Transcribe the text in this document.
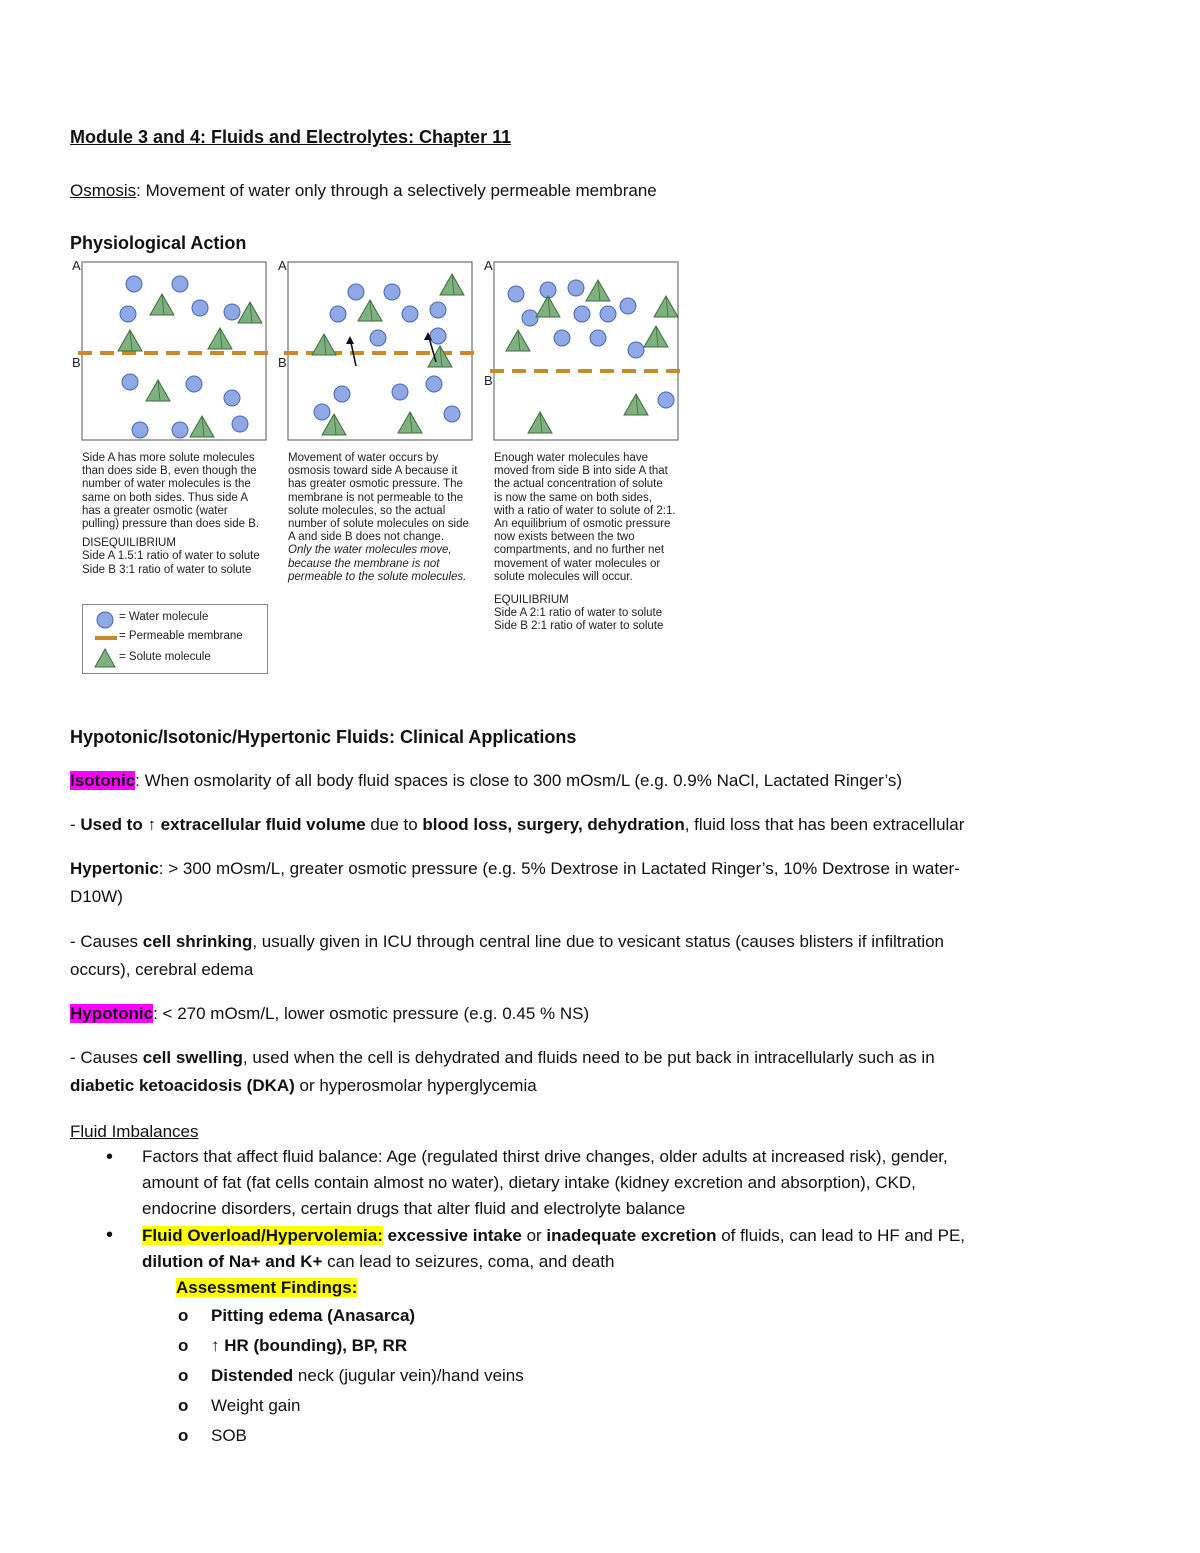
Module 3 and 4: Fluids and Electrolytes: Chapter 11
Osmosis: Movement of water only through a selectively permeable membrane
Physiological Action
A
B
A
B
A
B
Side A has more solute molecules
than does side B, even though the
number of water molecules is the
same on both sides. Thus side A
has a greater osmotic (water
pulling) pressure than does side B.
DISEQUILIBRIUM
Side A 1.5:1 ratio of water to solute
Side B 3:1 ratio of water to solute
Movement of water occurs by
osmosis toward side A because it
has greater osmotic pressure. The
membrane is not permeable to the
solute molecules, so the actual
number of solute molecules on side
A and side B does not change.
Only the water molecules move,
because the membrane is not
permeable to the solute molecules.
Enough water molecules have
moved from side B into side A that
the actual concentration of solute
is now the same on both sides,
with a ratio of water to solute of 2:1.
An equilibrium of osmotic pressure
now exists between the two
compartments, and no further net
movement of water molecules or
solute molecules will occur.
EQUILIBRIUM
Side A 2:1 ratio of water to solute
Side B 2:1 ratio of water to solute
= Water molecule
= Permeable membrane
= Solute molecule
Hypotonic/Isotonic/Hypertonic Fluids: Clinical Applications
Isotonic: When osmolarity of all body fluid spaces is close to 300 mOsm/L (e.g. 0.9% NaCl, Lactated Ringer’s)
- Used to ↑ extracellular fluid volume due to blood loss, surgery, dehydration, fluid loss that has been extracellular
Hypertonic: > 300 mOsm/L, greater osmotic pressure (e.g. 5% Dextrose in Lactated Ringer’s, 10% Dextrose in water-
D10W)
- Causes cell shrinking, usually given in ICU through central line due to vesicant status (causes blisters if infiltration
occurs), cerebral edema
Hypotonic: < 270 mOsm/L, lower osmotic pressure (e.g. 0.45 % NS)
- Causes cell swelling, used when the cell is dehydrated and fluids need to be put back in intracellularly such as in
diabetic ketoacidosis (DKA) or hyperosmolar hyperglycemia
Fluid Imbalances
• Factors that affect fluid balance: Age (regulated thirst drive changes, older adults at increased risk), gender,
amount of fat (fat cells contain almost no water), dietary intake (kidney excretion and absorption), CKD,
endocrine disorders, certain drugs that alter fluid and electrolyte balance
• Fluid Overload/Hypervolemia: excessive intake or inadequate excretion of fluids, can lead to HF and PE,
dilution of Na+ and K+ can lead to seizures, coma, and death
Assessment Findings:
o Pitting edema (Anasarca)
o ↑ HR (bounding), BP, RR
o Distended neck (jugular vein)/hand veins
o Weight gain
o SOB
